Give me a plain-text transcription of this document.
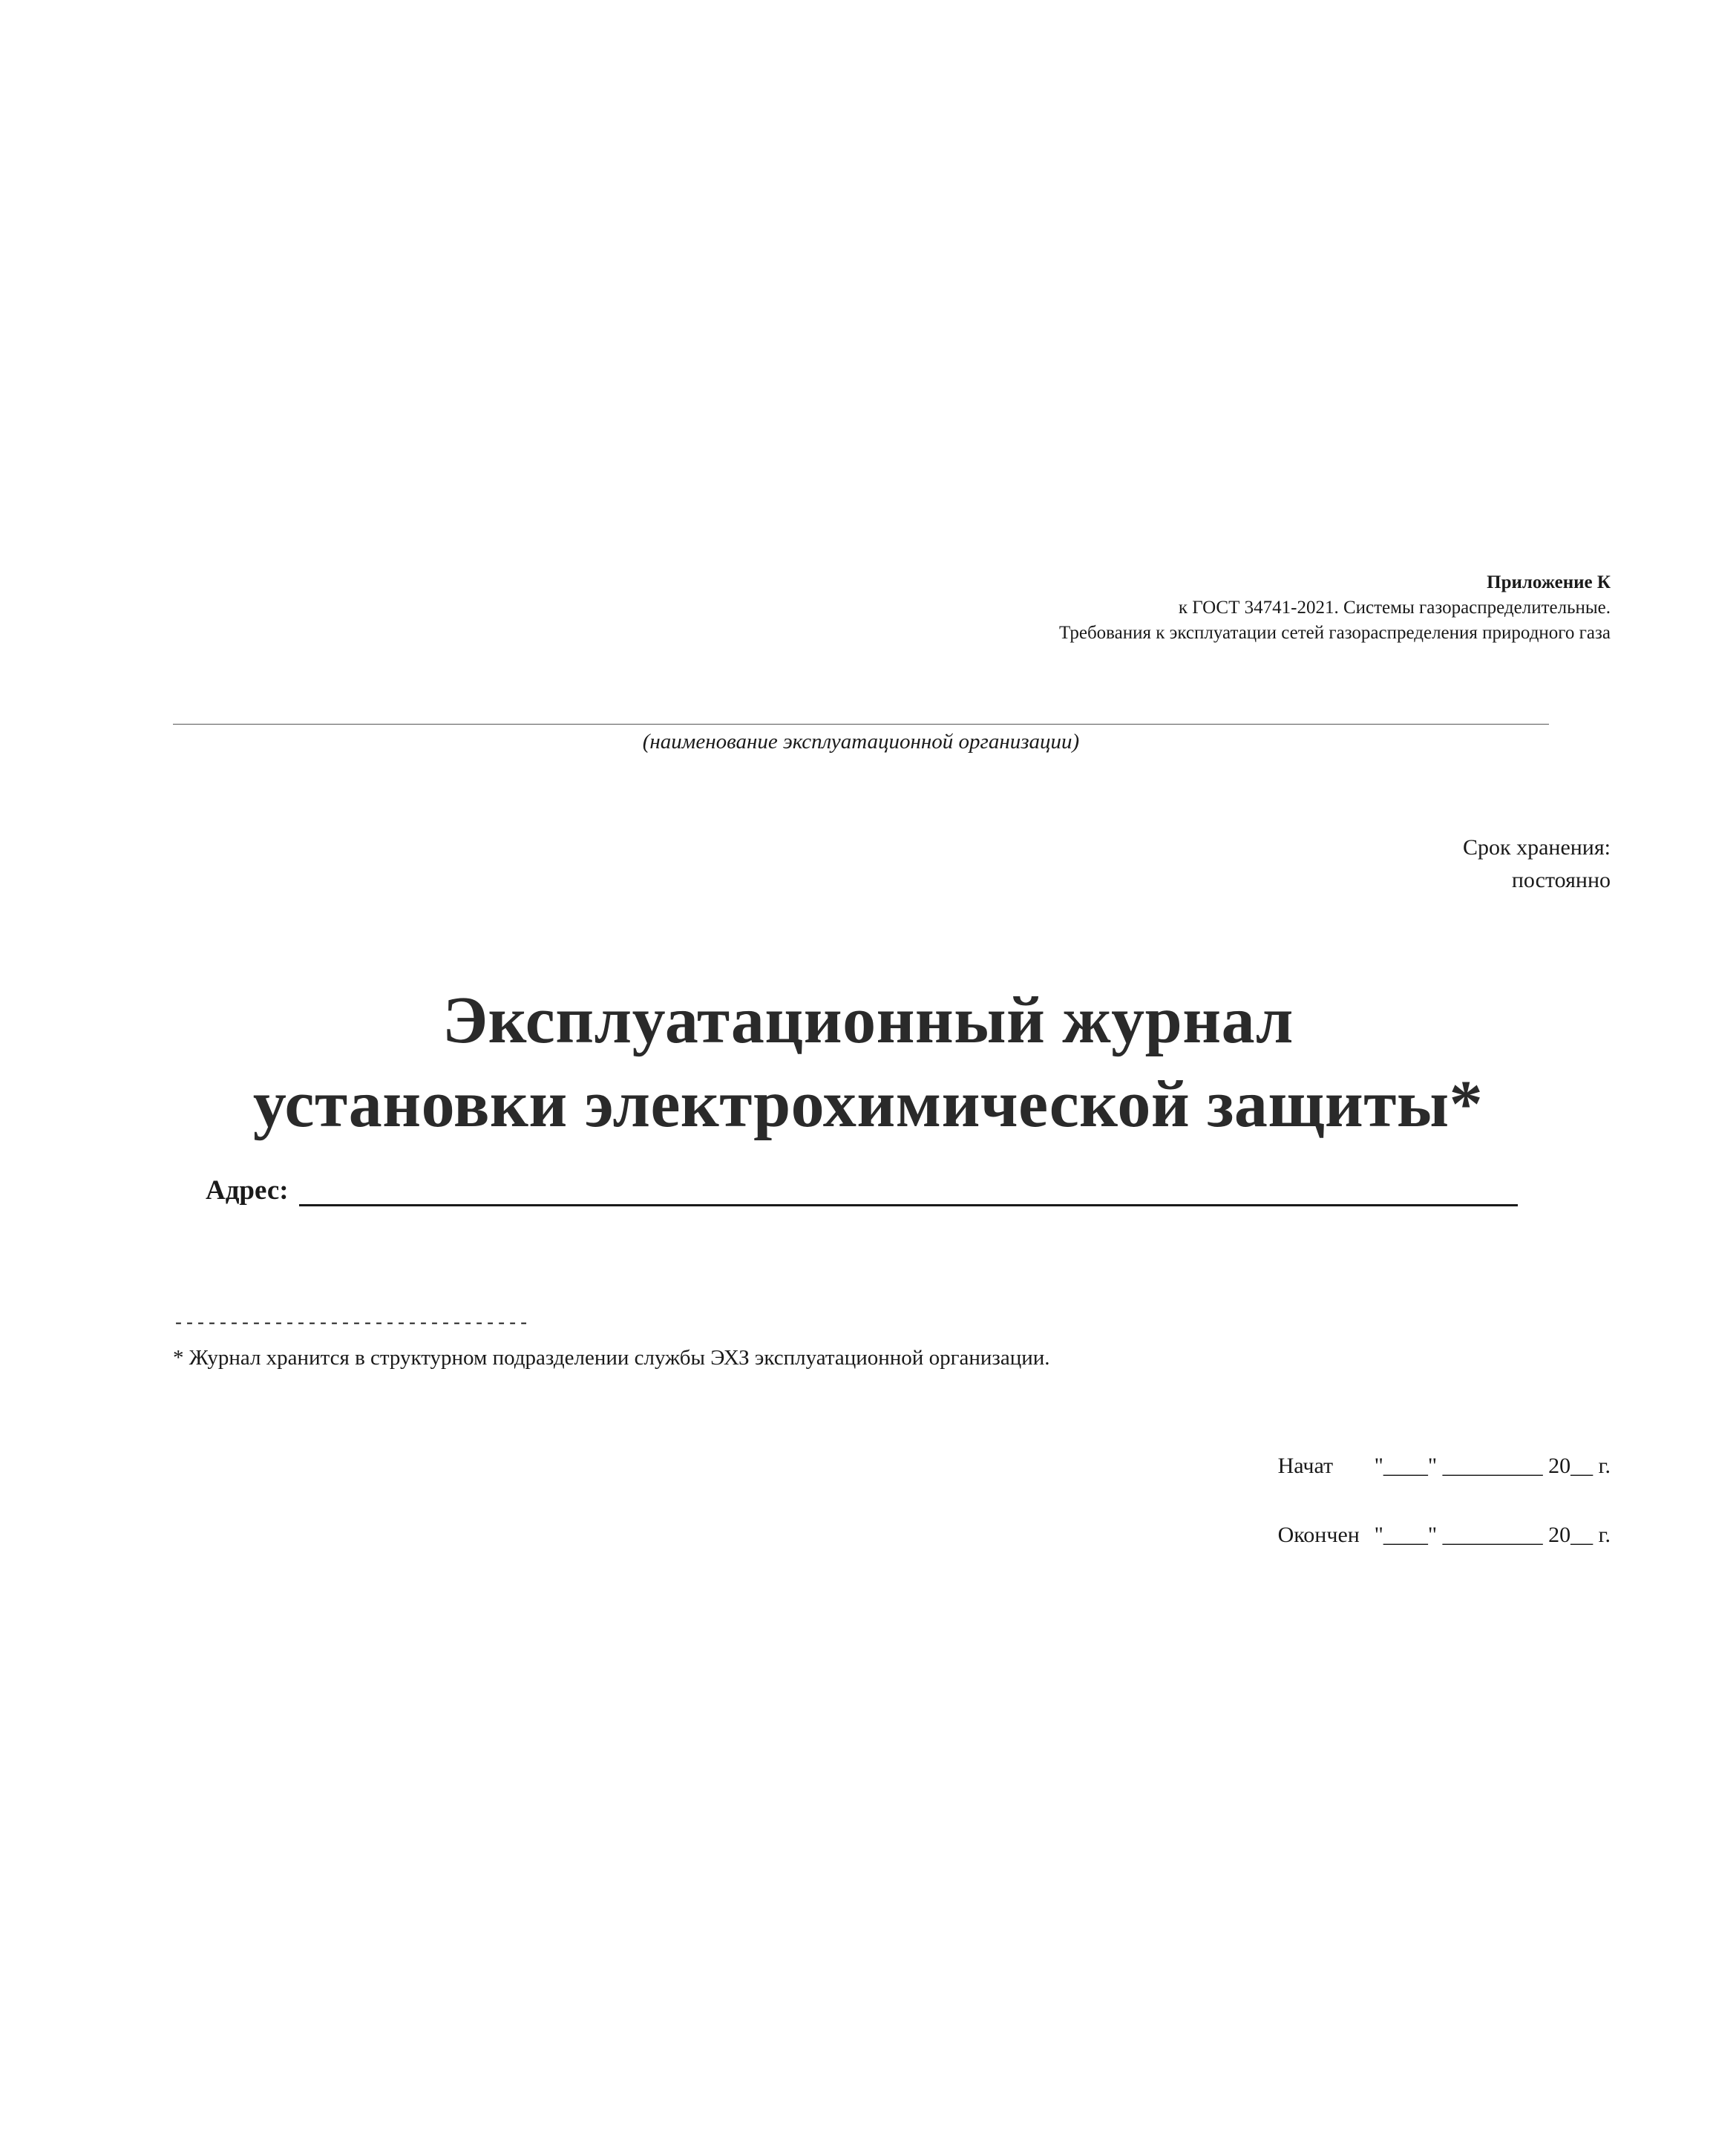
Приложение К
к ГОСТ 34741-2021. Системы газораспределительные.
Требования к эксплуатации сетей газораспределения природного газа
(наименование эксплуатационной организации)
Срок хранения:
постоянно
Эксплуатационный журнал
установки электрохимической защиты*
Адрес:
--------------------------------
* Журнал хранится в структурном подразделении службы ЭХЗ эксплуатационной организации.
Начат	"____" _________ 20__ г.
Окончен "____" _________ 20__ г.
